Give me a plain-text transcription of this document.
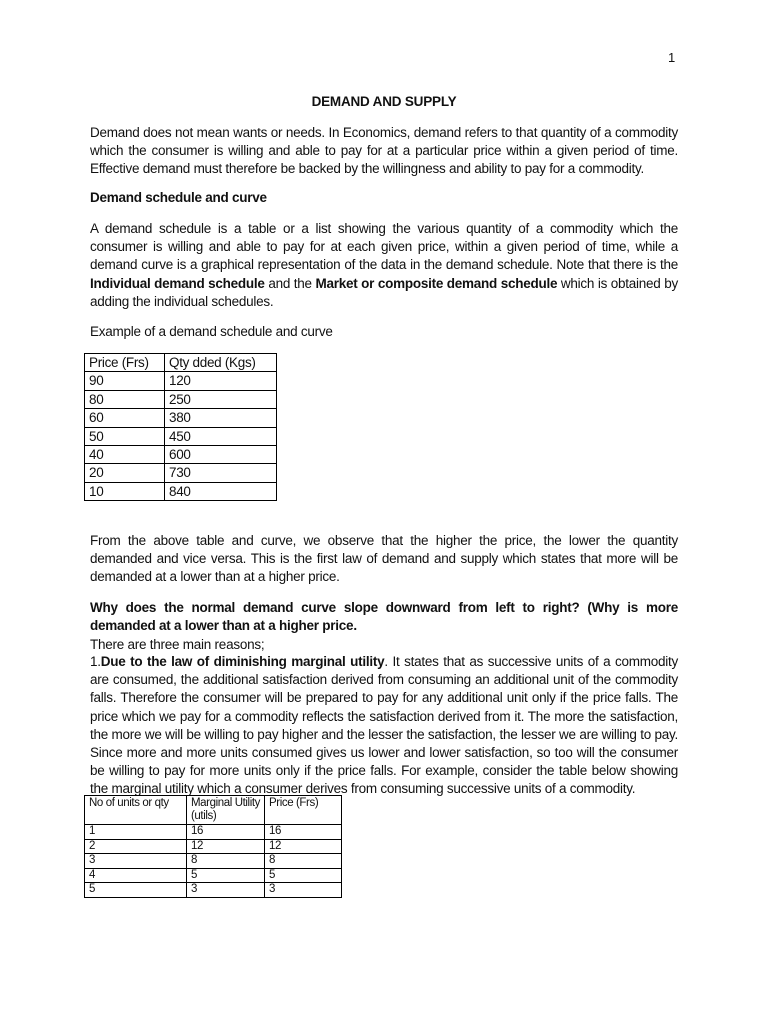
1
DEMAND AND SUPPLY

Demand does not mean wants or needs. In Economics, demand refers to that quantity of a commodity which the consumer is willing and able to pay for at a particular price within a given period of time. Effective demand must therefore be backed by the willingness and ability to pay for a commodity.

Demand schedule and curve

A demand schedule is a table or a list showing the various quantity of a commodity which the consumer is willing and able to pay for at each given price, within a given period of time, while a demand curve is a graphical representation of the data in the demand schedule. Note that there is the Individual demand schedule and the Market or composite demand schedule which is obtained by adding the individual schedules.

Example of a demand schedule and curve
Price (Frs)	Qty dded (Kgs)
90	120
80	250
60	380
50	450
40	600
20	730
10	840

From the above table and curve, we observe that the higher the price, the lower the quantity demanded and vice versa. This is the first law of demand and supply which states that more will be demanded at a lower than at a higher price.

Why does the normal demand curve slope downward from left to right? (Why is more demanded at a lower than at a higher price.

There are three main reasons;

1.Due to the law of diminishing marginal utility. It states that as successive units of a commodity are consumed, the additional satisfaction derived from consuming an additional unit of the commodity falls. Therefore the consumer will be prepared to pay for any additional unit only if the price falls. The price which we pay for a commodity reflects the satisfaction derived from it. The more the satisfaction, the more we will be willing to pay higher and the lesser the satisfaction, the lesser we are willing to pay. Since more and more units consumed gives us lower and lower satisfaction, so too will the consumer be willing to pay for more units only if the price falls. For example, consider the table below showing the marginal utility which a consumer derives from consuming successive units of a commodity.

No of units or qty	Marginal Utility (utils)	Price (Frs)
1	16	16
2	12	12
3	8	8
4	5	5
5	3	3
